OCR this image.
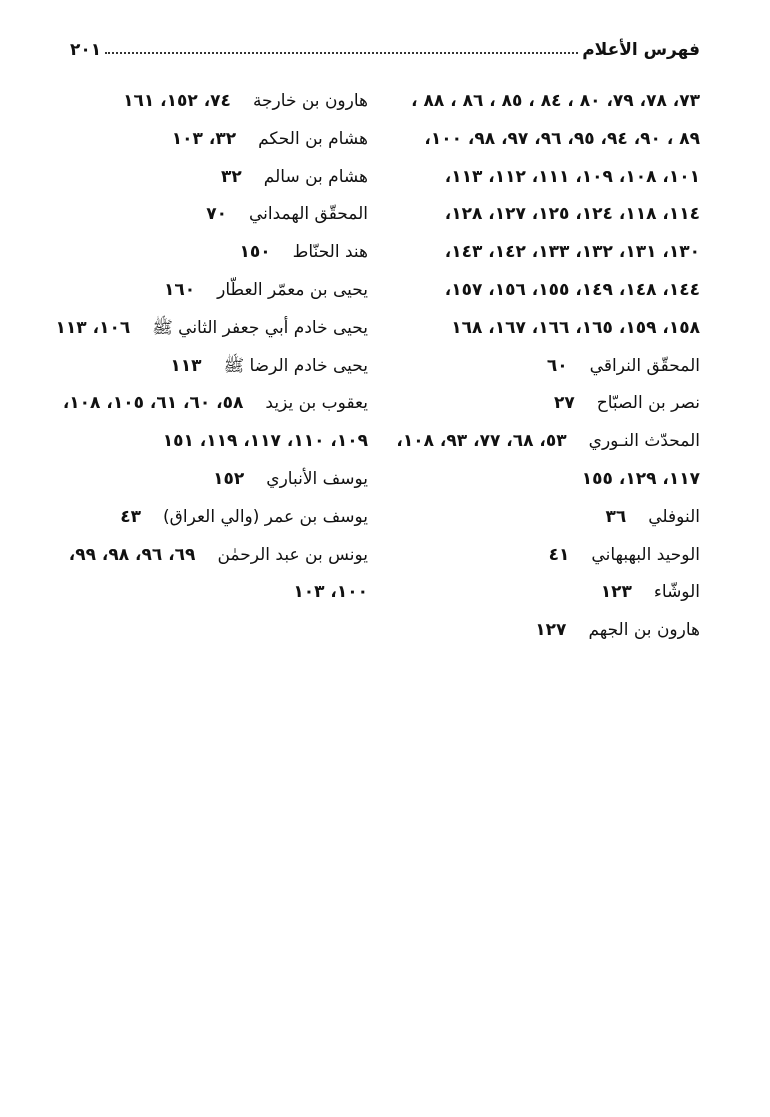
فهرس الأعلام
٢٠١
٧٣، ٧٨، ٧٩، ٨٠ ، ٨٤ ، ٨٥ ، ٨٦ ، ٨٨ ،
٨٩ ، ٩٠، ٩٤، ٩٥، ٩٦، ٩٧، ٩٨، ١٠٠،
١٠١، ١٠٨، ١٠٩، ١١١، ١١٢، ١١٣،
١١٤، ١١٨، ١٢٤، ١٢٥، ١٢٧، ١٢٨،
١٣٠، ١٣١، ١٣٢، ١٣٣، ١٤٢، ١٤٣،
١٤٤، ١٤٨، ١٤٩، ١٥٥، ١٥٦، ١٥٧،
١٥٨، ١٥٩، ١٦٥، ١٦٦، ١٦٧، ١٦٨
المحقّق النراقي٦٠
نصر بن الصبّاح٢٧
المحدّث النـوري٥٣، ٦٨، ٧٧، ٩٣، ١٠٨،
١١٧، ١٢٩، ١٥٥
النوفلي٣٦
الوحيد البهبهاني٤١
الوشّاء١٢٣
هارون بن الجهم١٢٧
هارون بن خارجة٧٤، ١٥٢، ١٦١
هشام بن الحكم٣٢، ١٠٣
هشام بن سالم٣٢
المحقّق الهمداني٧٠
هند الحنّاط١٥٠
يحيى بن معمّر العطّار١٦٠
يحيى خادم أبي جعفر الثاني ﷺ١٠٦، ١١٣
يحيى خادم الرضا ﷺ١١٣
يعقوب بن يزيد٥٨، ٦٠، ٦١، ١٠٥، ١٠٨،
١٠٩، ١١٠، ١١٧، ١١٩، ١٥١
يوسف الأنباري١٥٢
يوسف بن عمر (والي العراق)٤٣
يونس بن عبد الرحمٰن٦٩، ٩٦، ٩٨، ٩٩،
١٠٠، ١٠٣
